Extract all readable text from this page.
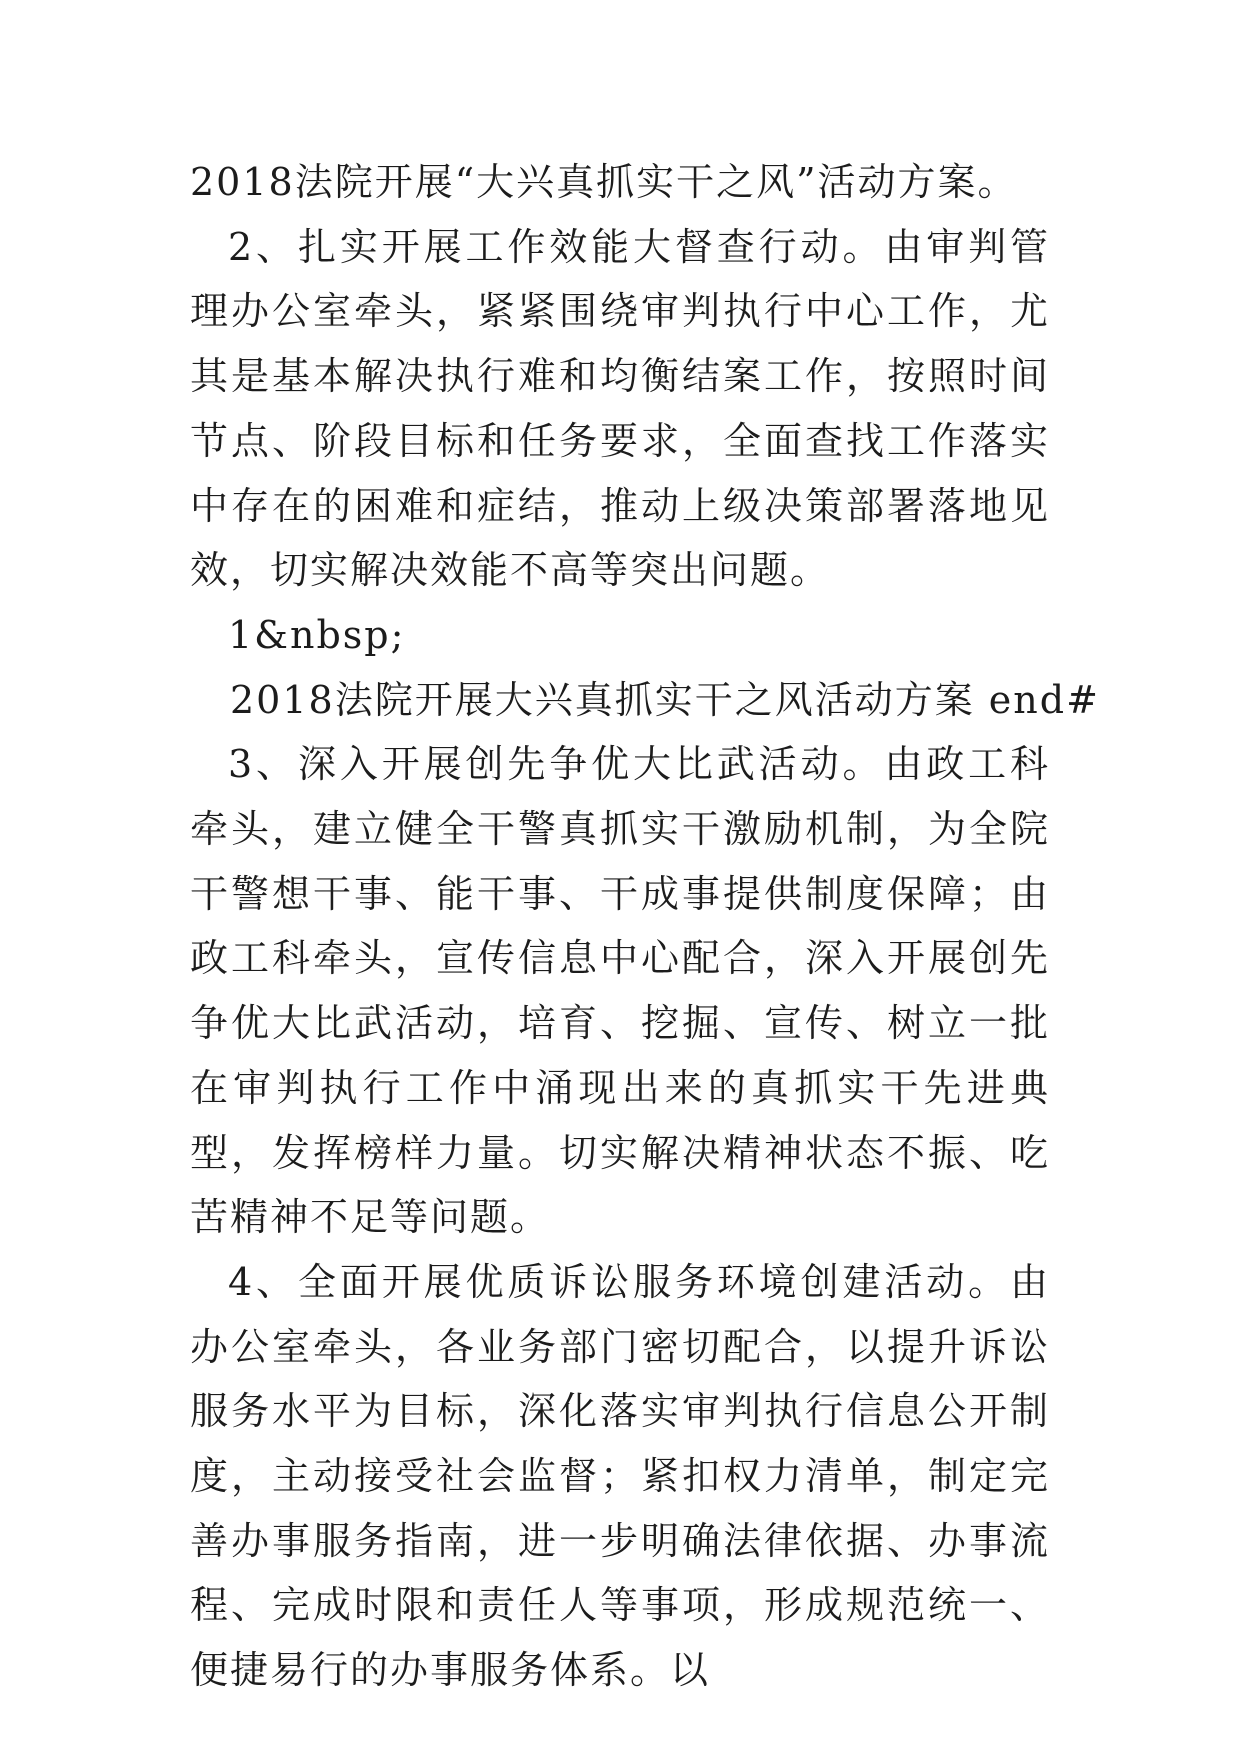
2018法院开展“大兴真抓实干之风”活动方案。

2、扎实开展工作效能大督查行动。由审判管理办公室牵头，紧紧围绕审判执行中心工作，尤其是基本解决执行难和均衡结案工作，按照时间节点、阶段目标和任务要求，全面查找工作落实中存在的困难和症结，推动上级决策部署落地见效，切实解决效能不高等突出问题。

1&nbsp;

2018法院开展大兴真抓实干之风活动方案 end#

3、深入开展创先争优大比武活动。由政工科牵头，建立健全干警真抓实干激励机制，为全院干警想干事、能干事、干成事提供制度保障；由政工科牵头，宣传信息中心配合，深入开展创先争优大比武活动，培育、挖掘、宣传、树立一批在审判执行工作中涌现出来的真抓实干先进典型，发挥榜样力量。切实解决精神状态不振、吃苦精神不足等问题。

4、全面开展优质诉讼服务环境创建活动。由办公室牵头，各业务部门密切配合，以提升诉讼服务水平为目标，深化落实审判执行信息公开制度，主动接受社会监督；紧扣权力清单，制定完善办事服务指南，进一步明确法律依据、办事流程、完成时限和责任人等事项，形成规范统一、便捷易行的办事服务体系。以
